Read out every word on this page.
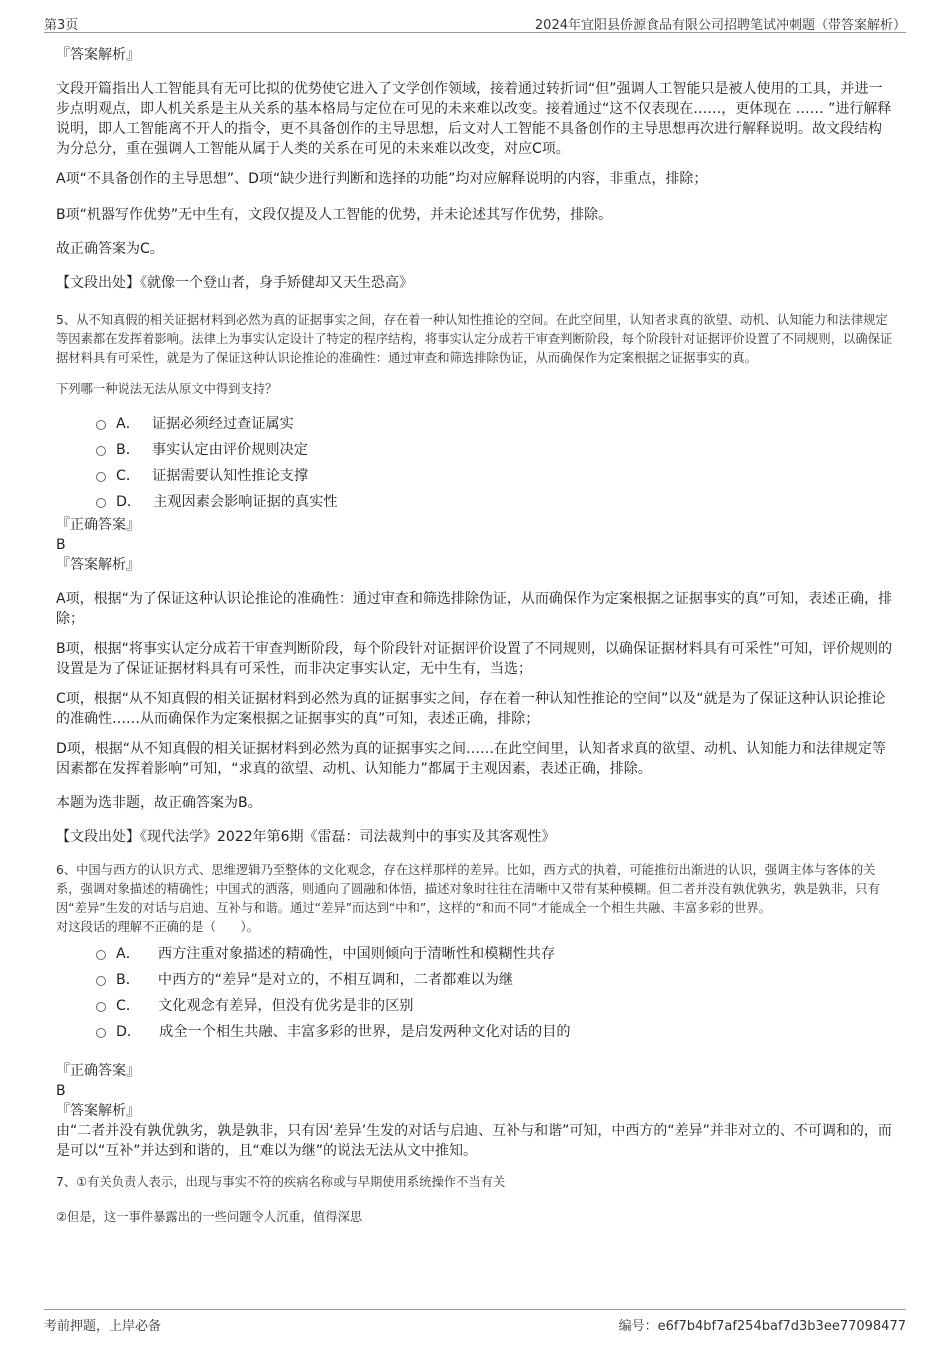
第3页	2024年宜阳县侨源食品有限公司招聘笔试冲刺题（带答案解析）

『答案解析』

文段开篇指出人工智能具有无可比拟的优势使它进入了文学创作领域，接着通过转折词“但”强调人工智能只是被人使用的工具，并进一步点明观点，即人机关系是主从关系的基本格局与定位在可见的未来难以改变。接着通过“这不仅表现在……，更体现在 …… ”进行解释说明，即人工智能离不开人的指令，更不具备创作的主导思想，后文对人工智能不具备创作的主导思想再次进行解释说明。故文段结构为分总分，重在强调人工智能从属于人类的关系在可见的未来难以改变，对应C项。

A项“不具备创作的主导思想”、D项“缺少进行判断和选择的功能”均对应解释说明的内容，非重点，排除；

B项“机器写作优势”无中生有，文段仅提及人工智能的优势，并未论述其写作优势，排除。

故正确答案为C。

【文段出处】《就像一个登山者，身手矫健却又天生恐高》

5、从不知真假的相关证据材料到必然为真的证据事实之间，存在着一种认知性推论的空间。在此空间里，认知者求真的欲望、动机、认知能力和法律规定等因素都在发挥着影响。法律上为事实认定设计了特定的程序结构，将事实认定分成若干审查判断阶段，每个阶段针对证据评价设置了不同规则，以确保证据材料具有可采性，就是为了保证这种认识论推论的准确性：通过审查和筛选排除伪证，从而确保作为定案根据之证据事实的真。

下列哪一种说法无法从原文中得到支持？

A． 证据必须经过查证属实
B． 事实认定由评价规则决定
C． 证据需要认知性推论支撑
D． 主观因素会影响证据的真实性

『正确答案』

B

『答案解析』

A项，根据“为了保证这种认识论推论的准确性：通过审查和筛选排除伪证，从而确保作为定案根据之证据事实的真”可知，表述正确，排除；

B项，根据“将事实认定分成若干审查判断阶段，每个阶段针对证据评价设置了不同规则，以确保证据材料具有可采性”可知，评价规则的设置是为了保证证据材料具有可采性，而非决定事实认定，无中生有，当选；

C项，根据“从不知真假的相关证据材料到必然为真的证据事实之间，存在着一种认知性推论的空间”以及“就是为了保证这种认识论推论的准确性……从而确保作为定案根据之证据事实的真”可知，表述正确，排除；

D项，根据“从不知真假的相关证据材料到必然为真的证据事实之间……在此空间里，认知者求真的欲望、动机、认知能力和法律规定等因素都在发挥着影响”可知，“求真的欲望、动机、认知能力”都属于主观因素，表述正确，排除。

本题为选非题，故正确答案为B。

【文段出处】《现代法学》2022年第6期《雷磊：司法裁判中的事实及其客观性》

6、中国与西方的认识方式、思维逻辑乃至整体的文化观念，存在这样那样的差异。比如，西方式的执着，可能推衍出渐进的认识，强调主体与客体的关系，强调对象描述的精确性；中国式的洒落，则通向了圆融和体悟，描述对象时往往在清晰中又带有某种模糊。但二者并没有孰优孰劣，孰是孰非，只有因“差异”生发的对话与启迪、互补与和谐。通过“差异”而达到“中和”，这样的“和而不同”才能成全一个相生共融、丰富多彩的世界。

对这段话的理解不正确的是（　　）。

A． 西方注重对象描述的精确性，中国则倾向于清晰性和模糊性共存
B． 中西方的“差异”是对立的，不相互调和，二者都难以为继
C． 文化观念有差异，但没有优劣是非的区别
D． 成全一个相生共融、丰富多彩的世界，是启发两种文化对话的目的

『正确答案』

B

『答案解析』

由“二者并没有孰优孰劣，孰是孰非，只有因‘差异’生发的对话与启迪、互补与和谐”可知，中西方的“差异”并非对立的、不可调和的，而是可以“互补”并达到和谐的，且“难以为继”的说法无法从文中推知。

7、①有关负责人表示，出现与事实不符的疾病名称或与早期使用系统操作不当有关

②但是，这一事件暴露出的一些问题令人沉重，值得深思

考前押题，上岸必备	编号：e6f7b4bf7af254baf7d3b3ee77098477
